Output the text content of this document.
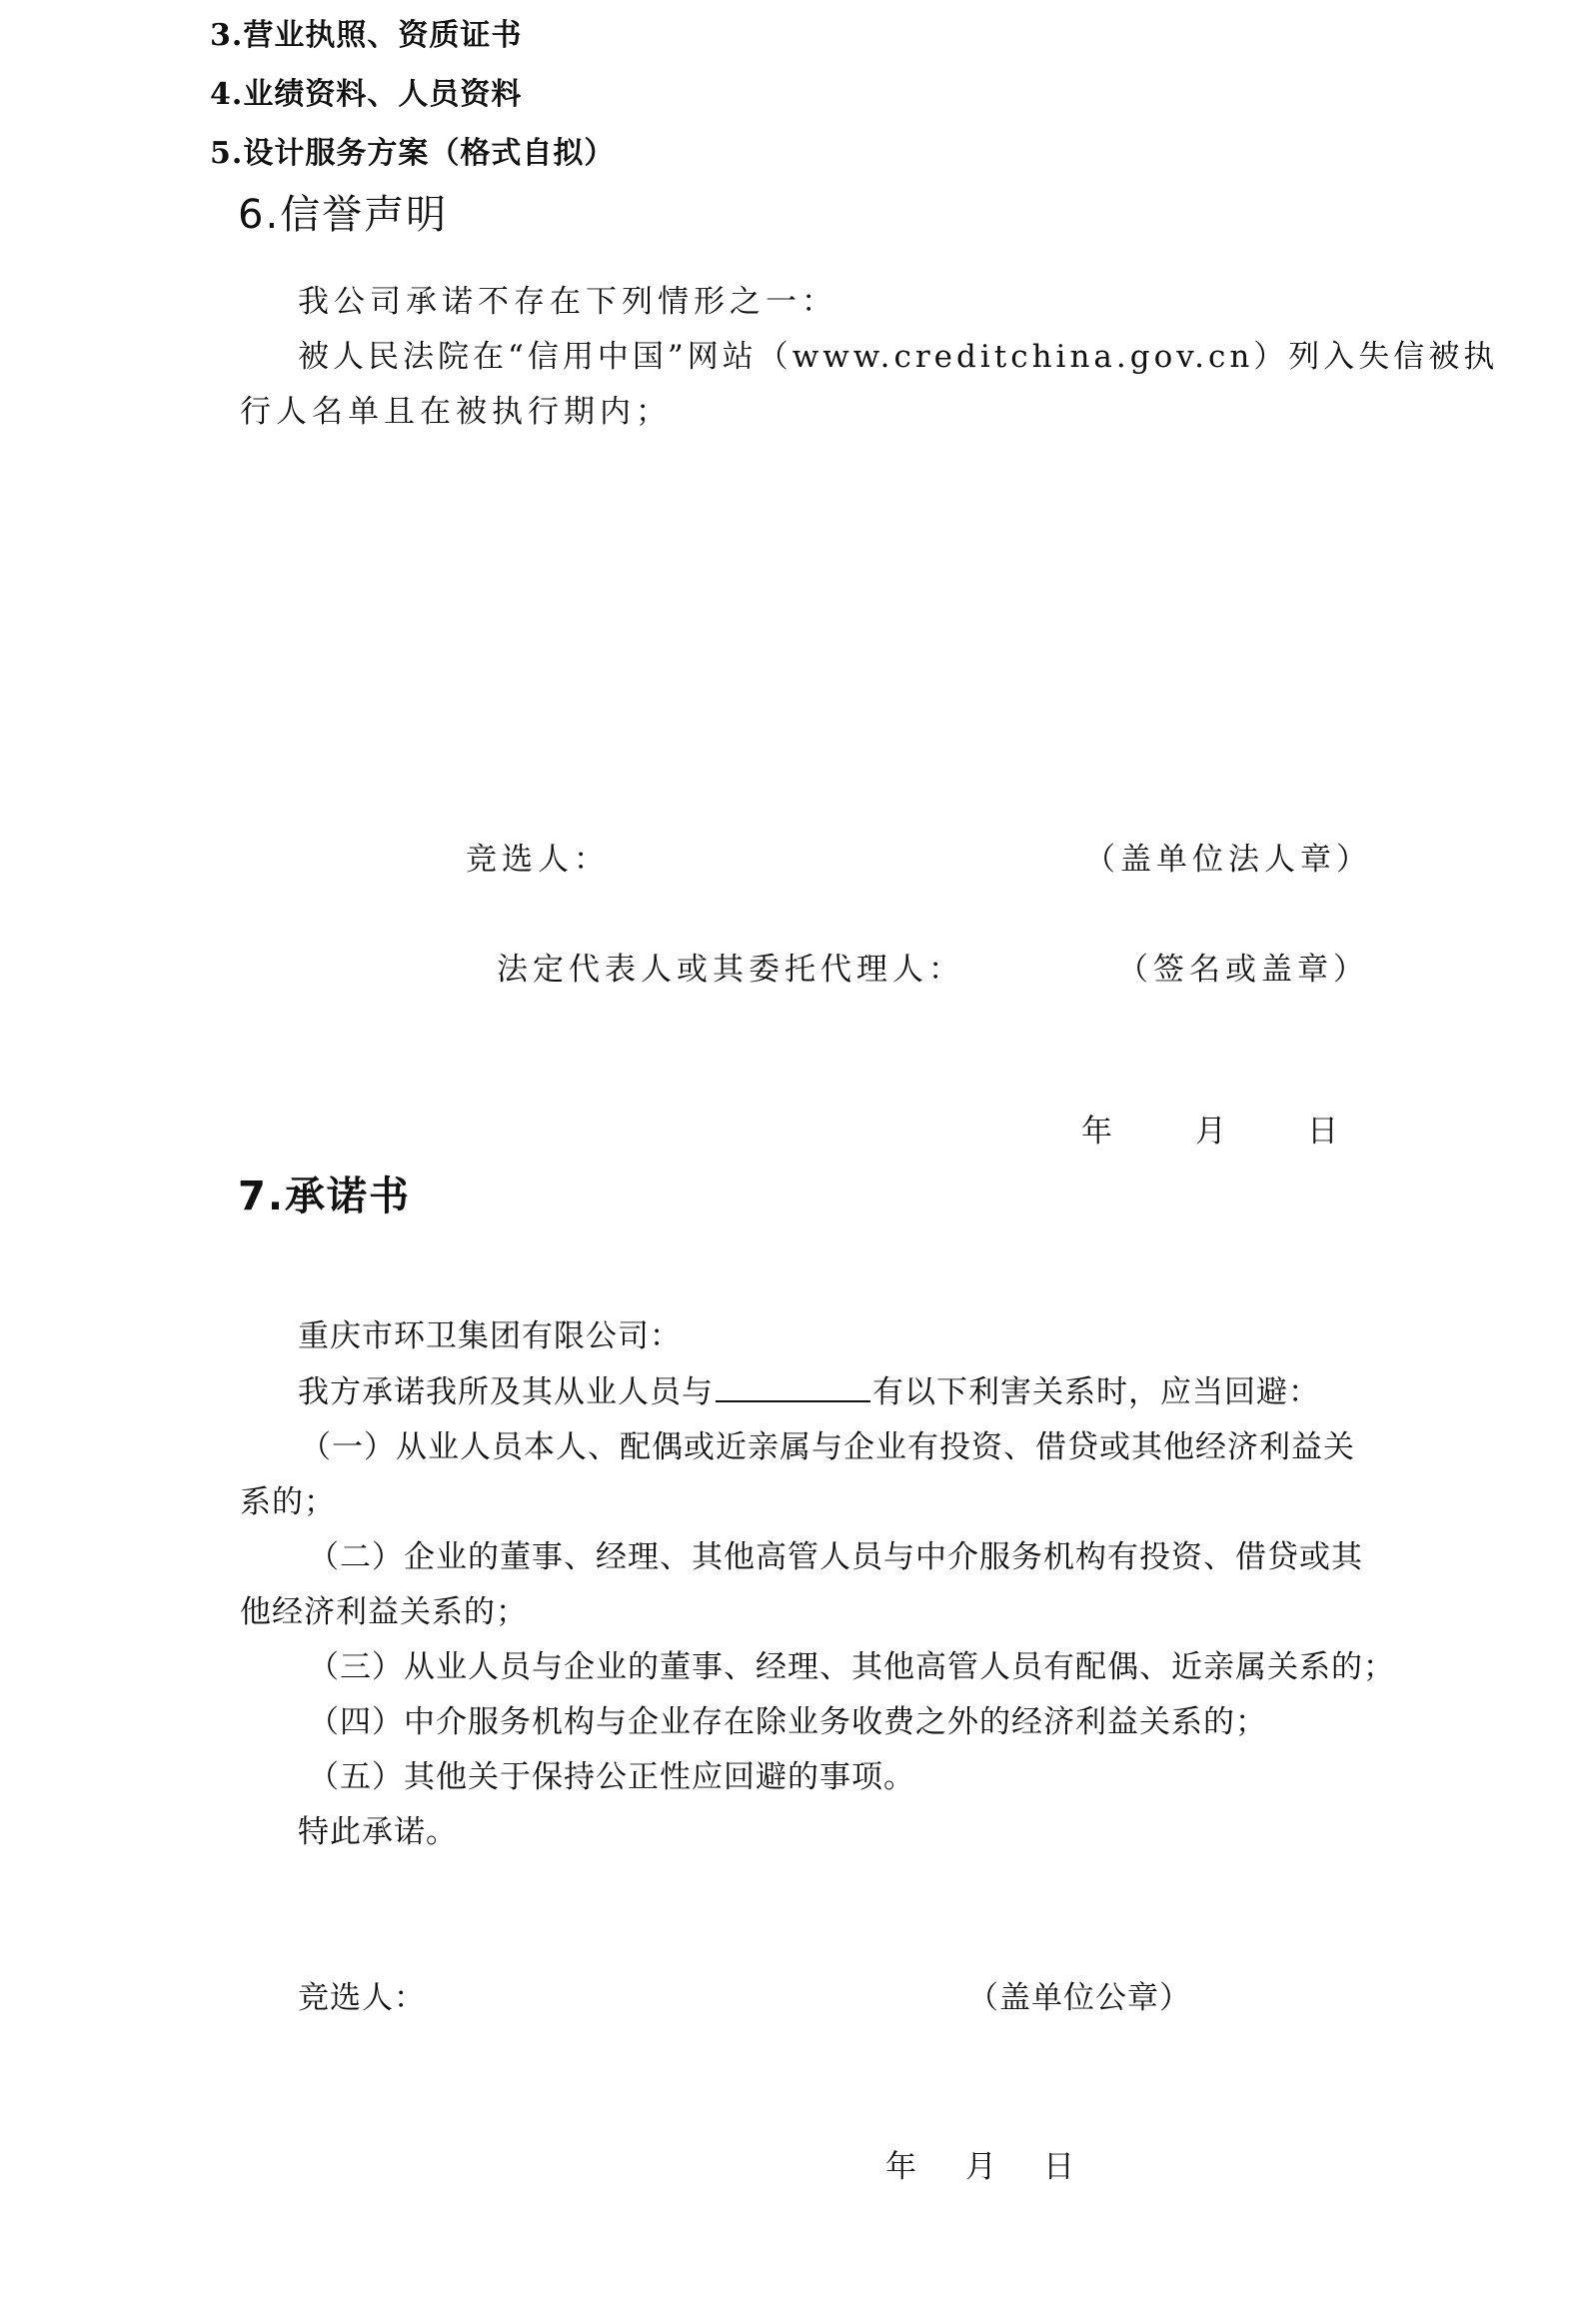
3.营业执照、资质证书
4.业绩资料、人员资料
5.设计服务方案（格式自拟）
6.信誉声明
我公司承诺不存在下列情形之一：
被人民法院在“信用中国”网站（www.creditchina.gov.cn）列入失信被执
行人名单且在被执行期内；
竞选人：	（盖单位法人章）
法定代表人或其委托代理人：	（签名或盖章）
年	月 日
7.承诺书
重庆市环卫集团有限公司：
我方承诺我所及其从业人员与	有以下利害关系时，应当回避：
（一）从业人员本人、配偶或近亲属与企业有投资、借贷或其他经济利益关
系的；
（二）企业的董事、经理、其他高管人员与中介服务机构有投资、借贷或其
他经济利益关系的；
（三）从业人员与企业的董事、经理、其他高管人员有配偶、近亲属关系的；
（四）中介服务机构与企业存在除业务收费之外的经济利益关系的；
（五）其他关于保持公正性应回避的事项。
特此承诺。
竞选人：	（盖单位公章）
年 月 日
